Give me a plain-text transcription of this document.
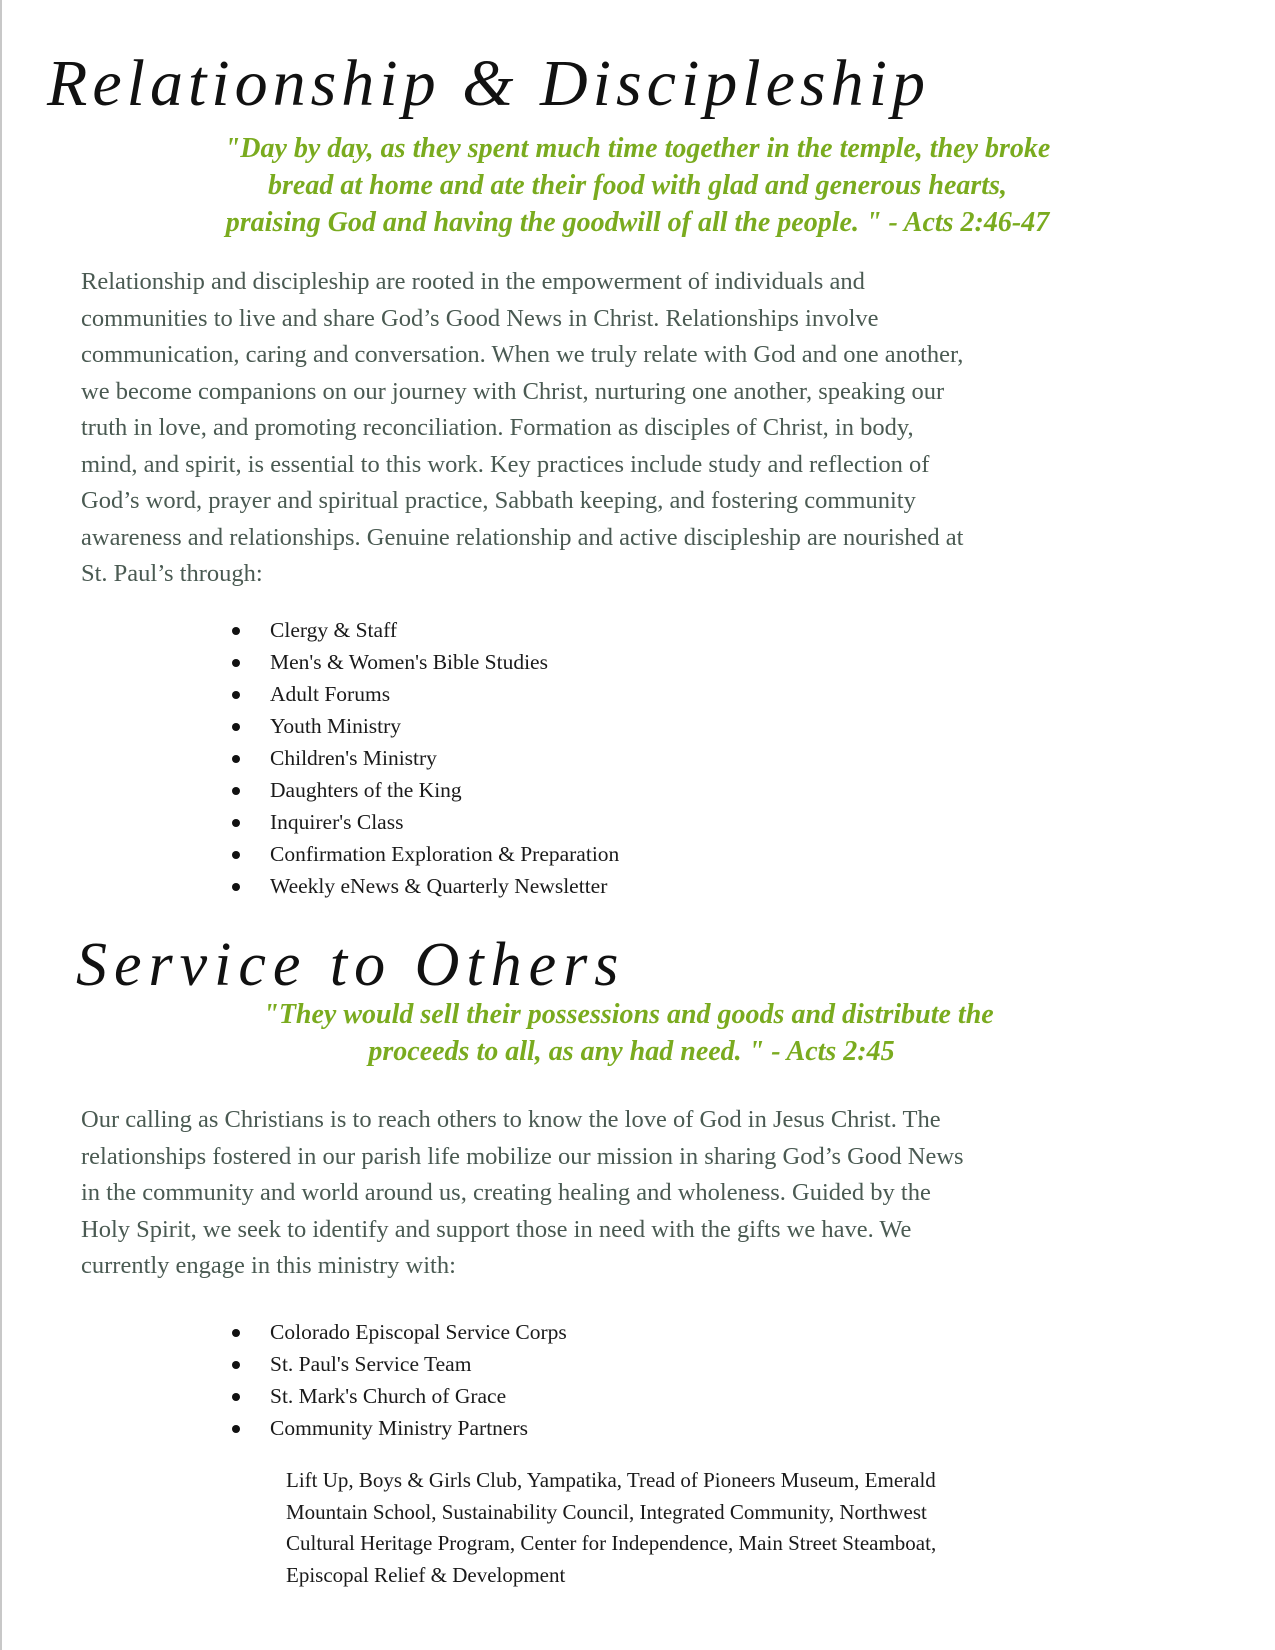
Relationship & Discipleship

"Day by day, as they spent much time together in the temple, they broke
bread at home and ate their food with glad and generous hearts,
praising God and having the goodwill of all the people. " - Acts 2:46-47

Relationship and discipleship are rooted in the empowerment of individuals and
communities to live and share God’s Good News in Christ. Relationships involve
communication, caring and conversation. When we truly relate with God and one another,
we become companions on our journey with Christ, nurturing one another, speaking our
truth in love, and promoting reconciliation. Formation as disciples of Christ, in body,
mind, and spirit, is essential to this work. Key practices include study and reflection of
God’s word, prayer and spiritual practice, Sabbath keeping, and fostering community
awareness and relationships. Genuine relationship and active discipleship are nourished at
St. Paul’s through:

Clergy & Staff
Men's & Women's Bible Studies
Adult Forums
Youth Ministry
Children's Ministry
Daughters of the King
Inquirer's Class
Confirmation Exploration & Preparation
Weekly eNews & Quarterly Newsletter
Service to Others

"They would sell their possessions and goods and distribute the
proceeds to all, as any had need. " - Acts 2:45

Our calling as Christians is to reach others to know the love of God in Jesus Christ. The
relationships fostered in our parish life mobilize our mission in sharing God’s Good News
in the community and world around us, creating healing and wholeness. Guided by the
Holy Spirit, we seek to identify and support those in need with the gifts we have. We
currently engage in this ministry with:

Colorado Episcopal Service Corps
St. Paul's Service Team
St. Mark's Church of Grace
Community Ministry Partners

Lift Up, Boys & Girls Club, Yampatika, Tread of Pioneers Museum, Emerald
Mountain School, Sustainability Council, Integrated Community, Northwest
Cultural Heritage Program, Center for Independence, Main Street Steamboat,
Episcopal Relief & Development
